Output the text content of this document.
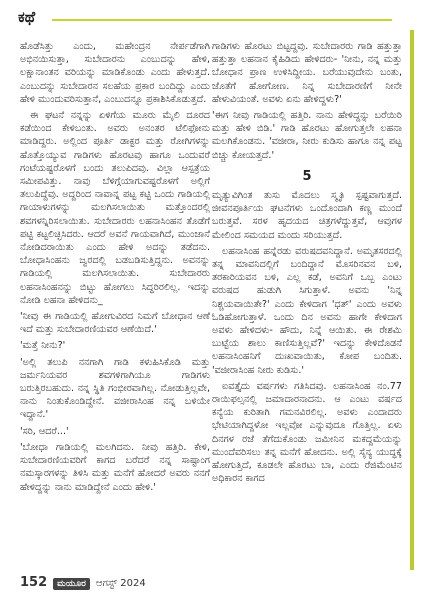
ಕಥೆ

ಹೊಡೆಸಿತ್ತು ಎಂದು, ಮಹೇಂದ್ರನ ನೇರ್ಪಡೆಗಾಗಿ ಅಭಿನಯಿಸುತ್ತಾ, ಸುಬೇದಾರನು ಎಂಬುದನ್ನು ಹೇಳಿ, ಲಕ್ಷಾನಾಂತನ ವರಿಯನ್ನು ಮಾಡಿಕೊಂಡು ಎಂದು ಹೇಳುತ್ತದೆ. ಎಂಬುದನ್ನು ಸುಬೇದಾರನ ಸಲಹೆಯ ಪ್ರಕಾರ ಬಂದಿದ್ದು ಎಂದು ಹೇಳಿ ಮುಂದುವರಿಸುತ್ತಾನೆ, ಎಂಬುದನ್ನೂ ಪ್ರಕಾಶಿಸಿಕೊಡುತ್ತದೆ.

ಈ ಘಟನೆ ನನ್ನನ್ನು ಏಳಿಗೆಯ ಮೂರು ಮೈಲಿ ದೂರದ ಕಡೆಯಿಂದ ಕೇಳಿಬಂತು. ಅವರು ಅನಂತರ ಟೆಲಿಫೋನು ಮಾಡಿದ್ದರು. ಅಲ್ಲಿಂದ ಪೂರ್ತಿ ಡಾಕ್ಟರ ಮತ್ತು ರೋಗಿಗಳನ್ನು ಹೊತ್ತೊಯ್ಯುವ ಗಾಡಿಗಳು ಹೊರಟವು ಹಾಗೂ ಒಂದುವರೆ ಗಂಟೆಯಷ್ಟರೊಳಗೆ ಬಂದು ತಲುಪಿದವು. ವಿಲ್ಲಾ ಆಸ್ಪತ್ರೆಯ ಸಮೀಪವಿತ್ತು. ನಾವು ಬೆಳಿಗ್ಗೆಯಾಗುವಷ್ಟರೊಳಗೆ ಅಲ್ಲಿಗೆ ತಲುಪಿದ್ದೆವು. ಅದ್ದರಿಂದ ನಾವಾನ್ನ ಪಟ್ಟ ಕಟ್ಟಿ ಒಂದು ಗಾಡಿಯಲ್ಲಿ ಗಾಯಾಳುಗಳನ್ನು ಮಲಗಿಸಲಾಯಿತು ಮತ್ತೊಂದರಲ್ಲಿ ಶವಗಳನ್ನಿರಿಸಲಾಯಿತು. ಸುಬೇದಾರರು ಲಹನಾಸಿಂಹನ ತೊಡೆಗೆ ಪಟ್ಟಿ ಕಟ್ಟಲಿಚ್ಛಿಸಿದರು. ಆದರೆ ಅವನೆ ಗಾಯವಾಗಿದೆ, ಮುಂಜಾನೆ ನೋಡಿದರಾಯಿತು ಎಂದು ಹೇಳಿ ಅದನ್ನು ತಡೆದನು. ಬೋಧಾಸಿಂಹನು ಜ್ವರದಲ್ಲಿ ಬಡಬಡಿಸುತ್ತಿದ್ದನು. ಅವನನ್ನು ಗಾಡಿಯಲ್ಲಿ ಮಲಗಿಸಲಾಯಿತು. ಸುಬೇದಾರರು ಲಹನಾಸಿಂಹನನ್ನು ಬಿಟ್ಟು ಹೋಗಲು ಸಿದ್ಧರಿರಲಿಲ್ಲ. ಇದನ್ನು ನೋಡಿ ಲಹನಾ ಹೇಳಿದನು_

'ನೀವು ಈ ಗಾಡಿಯಲ್ಲಿ ಹೋಗುವಿರದ ನಿಮಗೆ ಬೋಧಾನ ಆಣೆ ಇದೆ ಮತ್ತು ಸುಬೇದಾರಣಿಯವರ ಆಣೆಯಿದೆ.'

'ಮತ್ತೆ ನೀನು?'

'ಅಲ್ಲಿ ತಲುಪಿ ನನಗಾಗಿ ಗಾಡಿ ಕಳುಹಿಸಿಕೊಡಿ ಮತ್ತು ಜರ್ಮನಿಯವರ ಶವಗಳಿಗಾಗಿಯೂ ಗಾಡಿಗಳು ಬರುತ್ತಿರಬಹುದು. ನನ್ನ ಸ್ಥಿತಿ ಗಂಭೀರವಾಗಿಲ್ಲ. ನೋಡುತ್ತಿಲ್ಲವೇ, ನಾನು ನಿಂತುಕೊಂಡಿದ್ದೇನೆ. ವಜೀರಾಸಿಂಹ ನನ್ನ ಬಳಿಯೇ ಇದ್ದಾನೆ.'

'ಸರಿ, ಆದರೆ...'

'ಬೋಧಾ ಗಾಡಿಯಲ್ಲಿ ಮಲಗಿದನು. ನೀವು ಹತ್ತಿರಿ. ಕೇಳಿ, ಸುಬೇದಾರಣಿಯವರಿಗೆ ಕಾಗದ ಬರೆದರೆ ನನ್ನ ಸಾಷ್ಟಾಂಗ ನಮಸ್ಕಾರಗಳನ್ನು ತಿಳಿಸಿ ಮತ್ತು ಮನೆಗೆ ಹೋದರೆ ಅವರು ನನಗೆ ಹೇಳಿದ್ದನ್ನು ನಾನು ಮಾಡಿದ್ದೇನೆ ಎಂದು ಹೇಳಿ.'

ಗಾಡಿಗಳು ಹೊರಟು ಬಿಟ್ಟದ್ದವು. ಸುಬೇದಾರರು ಗಾಡಿ ಹತ್ತುತ್ತಾ ಹತ್ತುತ್ತಾ ಲಹನಾನ ಕೈಹಿಡಿದು ಹೇಳಿದರು- 'ನೀನು, ನನ್ನ ಮತ್ತು ಬೋಧಾನ ಪ್ರಾಣ ಉಳಿಸಿದ್ದೀಯ. ಬರೆಯುವುದೇನು ಬಂತು, ಜೊತೆಗೆ ಹೋಗೋಣ. ನಿನ್ನ ಸುಬೇದಾರಣಿಗೆ ನೀನೇ ಹೇಳುವಿಯಂತೆ. ಅವಳು ಏನು ಹೇಳಿದ್ದಳು?'

'ಈಗ ನೀವು ಗಾಡಿಯಲ್ಲಿ ಹತ್ತಿರಿ. ನಾನು ಹೇಳಿದ್ದನ್ನು ಬರೆಯಿರಿ ಮತ್ತು ಹೇಳಿ ಬಿಡಿ.' ಗಾಡಿ ಹೊರಟು ಹೋಗುತ್ತಲೇ ಲಹನಾ ಮಲಗಿಕೊಂಡನು. 'ವಜೀರಾ, ನೀರು ಕುಡಿಸು ಹಾಗೂ ನನ್ನ ಪಟ್ಟ ಬಿಚ್ಚು ಕೋಯತ್ತದೆ.'

5

ಮೃತ್ಯುವಿಗಿಂತ ತುಸು ಮೊದಲು ಸ್ಮೃತಿ ಸ್ಪಷ್ಟವಾಗುತ್ತದೆ. ಜೀವನಪೂರ್ತಿಯ ಘಟನೆಗಳು ಒಂದೊಂದಾಗಿ ಕಣ್ಣ ಮುಂದೆ ಬರುತ್ತವೆ. ಸರಳ ಹೃದಯದ ಚಿತ್ರಗಳೆದ್ದುತ್ತವೆ, ಆವುಗಳ ಮೇಲಿಂದ ಸಮಯದ ಮಂದು ಸರಿಯುತ್ತದೆ.

ಲಹನಾಸಿಂಹ ಹನ್ನೆರಡು ವರುಷದವನಿದ್ದಾನೆ. ಅಮೃತಸರದಲ್ಲಿ ತನ್ನ ಮಾವನಿದಲ್ಲಿಗೆ ಬಂದಿದ್ದಾನೆ ಮೊಸರಿನವನ ಬಳಿ, ತರಕಾರಿಯವನ ಬಳಿ, ಎಲ್ಲ ಕಡೆ, ಅವನಿಗೆ ಒಬ್ಬ ಎಂಟು ವರುಷದ ಹುಡುಗಿ ಸಿಗುತ್ತಾಳೆ. ಅವನು 'ನಿನ್ನ ನಿಶ್ಚಯವಾಯಿತೇ?' ಎಂದು ಕೇಳಿದಾಗ 'ಧತ್' ಎಂದು ಅವಳು ಓಡಿಹೋಗುತ್ತಾಳೆ. ಒಂದು ದಿನ ಅವನು ಹಾಗೇ ಕೇಳಿದಾಗ ಅವಳು ಹೇಳಿದಳು- ಹೌದು, ನಿನ್ನೆ ಆಯಿತು. ಈ ರೇಶಮಿ ಬುಟ್ಟೆಯ ಶಾಲು ಕಾಣಿಸುತ್ತಿಲ್ಲವೆ?' ಇದನ್ನು ಕೇಳಿದೊಡನೆ ಲಹನಾಸಿಂಹನಿಗೆ ದುಃಖವಾಯಿತು, ಕೋಪ ಬಂದಿತು. 'ವಜೀರಾಸಿಂಹ ನೀರು ಕುಡಿಸು.'

ಐವತ್ತೈದು ವರ್ಷಗಳು ಗತಿಸಿದವು. ಲಹನಾಸಿಂಹ ನಂ.77 ರಾಯಿಫಲ್ಸನಲ್ಲಿ ಜಮಾದಾರನಾದನು. ಆ ಎಂಟು ವರ್ಷದ ಕನ್ಯೆಯ ಕುರಿತಾಗಿ ಗಮನವಿರಲಿಲ್ಲ. ಅವಳು ಎಂದಾದರು ಭೇಟಿಯಾಗಿದ್ದಳೋ ಇಲ್ಲವೋ ಎನ್ನುವುದೂ ಗೊತ್ತಿಲ್ಲ. ಏಳು ದಿನಗಳ ರಜೆ ತೆಗೆದುಕೊಂಡು ಜಮೀನಿನ ಮಕದ್ದಮೆಯನ್ನು ಮುಂದೆವರಿಸಲು ತನ್ನ ಮನೆಗೆ ಹೋದನು. ಅಲ್ಲಿ ಸೈನ್ಯ ಯುದ್ಧಕ್ಕೆ ಹೋಗುತ್ತಿದೆ, ಕೂಡಲೇ ಹೊರಟು ಬಾ, ಎಂದು ರೆಜಿಮೆಂಟಿನ ಅಧಿಕಾರನ ಕಾಗದ

152	ಮಯೂರ	ಆಗಸ್ಟ್ 2024
